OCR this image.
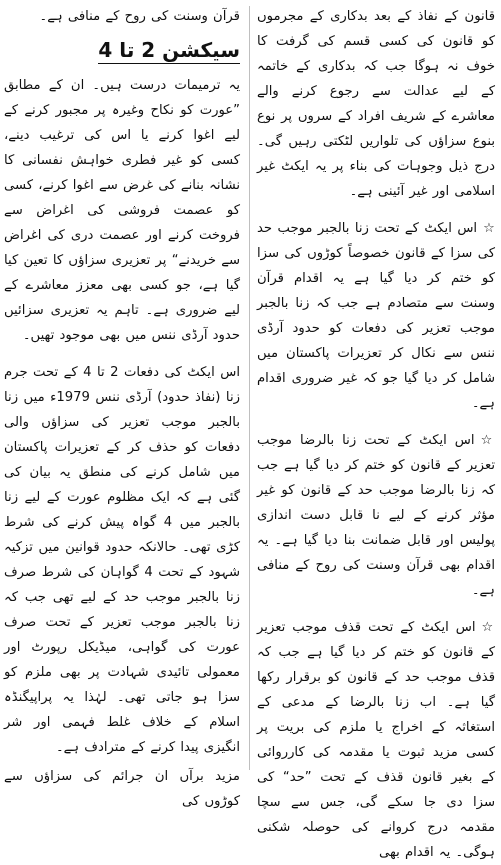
قانون کے نفاذ کے بعد بدکاری کے مجرموں کو قانون کی کسی قسم کی گرفت کا خوف نہ ہوگا جب کہ بدکاری کے خاتمہ کے لیے عدالت سے رجوع کرنے والے معاشرے کے شریف افراد کے سروں پر نوع بنوع سزاؤں کی تلواریں لٹکتی رہیں گی۔ درج ذیل وجوہات کی بناء پر یہ ایکٹ غیر اسلامی اور غیر آئینی ہے۔

☆اس ایکٹ کے تحت زنا بالجبر موجب حد کی سزا کے قانون خصوصاً کوڑوں کی سزا کو ختم کر دیا گیا ہے یہ اقدام قرآن وسنت سے متصادم ہے جب کہ زنا بالجبر موجب تعزیر کی دفعات کو حدود آرڈی ننس سے نکال کر تعزیرات پاکستان میں شامل کر دیا گیا جو کہ غیر ضروری اقدام ہے۔

☆اس ایکٹ کے تحت زنا بالرضا موجب تعزیر کے قانون کو ختم کر دیا گیا ہے جب کہ زنا بالرضا موجب حد کے قانون کو غیر مؤثر کرنے کے لیے نا قابل دست اندازی پولیس اور قابل ضمانت بنا دیا گیا ہے۔ یہ اقدام بھی قرآن وسنت کی روح کے منافی ہے۔

☆اس ایکٹ کے تحت قذف موجب تعزیر کے قانون کو ختم کر دیا گیا ہے جب کہ قذف موجب حد کے قانون کو برقرار رکھا گیا ہے۔ اب زنا بالرضا کے مدعی کے استغاثہ کے اخراج یا ملزم کی بریت پر کسی مزید ثبوت یا مقدمہ کی کارروائی کے بغیر قانون قذف کے تحت ”حد“ کی سزا دی جا سکے گی، جس سے سچا مقدمہ درج کروانے کی حوصلہ شکنی ہوگی۔ یہ اقدام بھی

قرآن وسنت کی روح کے منافی ہے۔

سیکشن 2 تا 4

یہ ترمیمات درست ہیں۔ ان کے مطابق ”عورت کو نکاح وغیرہ پر مجبور کرنے کے لیے اغوا کرنے یا اس کی ترغیب دینے، کسی کو غیر فطری خواہش نفسانی کا نشانہ بنانے کی غرض سے اغوا کرنے، کسی کو عصمت فروشی کی اغراض سے فروخت کرنے اور عصمت دری کی اغراض سے خریدنے“ پر تعزیری سزاؤں کا تعین کیا گیا ہے، جو کسی بھی معزز معاشرے کے لیے ضروری ہے۔ تاہم یہ تعزیری سزائیں حدود آرڈی ننس میں بھی موجود تھیں۔

اس ایکٹ کی دفعات 2 تا 4 کے تحت جرم زنا (نفاذ حدود) آرڈی ننس 1979ء میں زنا بالجبر موجب تعزیر کی سزاؤں والی دفعات کو حذف کر کے تعزیرات پاکستان میں شامل کرنے کی منطق یہ بیان کی گئی ہے کہ ایک مظلوم عورت کے لیے زنا بالجبر میں 4 گواہ پیش کرنے کی شرط کڑی تھی۔ حالانکہ حدود قوانین میں تزکیہ شہود کے تحت 4 گواہان کی شرط صرف زنا بالجبر موجب حد کے لیے تھی جب کہ زنا بالجبر موجب تعزیر کے تحت صرف عورت کی گواہی، میڈیکل رپورٹ اور معمولی تائیدی شہادت پر بھی ملزم کو سزا ہو جاتی تھی۔ لہٰذا یہ پراپیگنڈہ اسلام کے خلاف غلط فہمی اور شر انگیزی پیدا کرنے کے مترادف ہے۔

مزید برآں ان جرائم کی سزاؤں سے کوڑوں کی
